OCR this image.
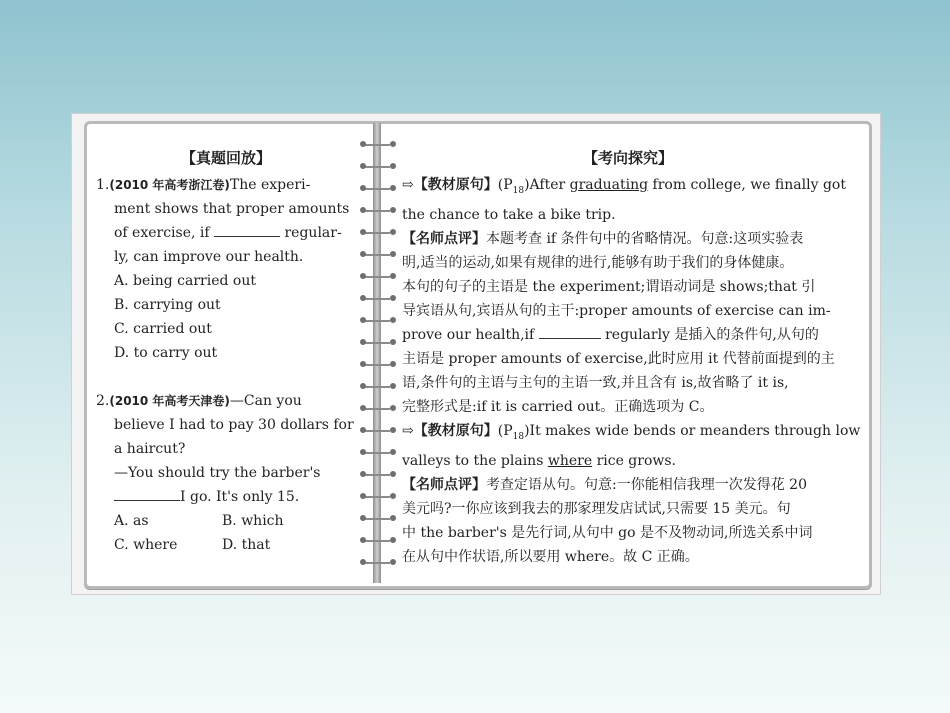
【真题回放】
1.(2010 年高考浙江卷)The experi-
ment shows that proper amounts
of exercise, if	regular-
ly, can improve our health.
A. being carried out
B. carrying out
C. carried out
D. to carry out
2.(2010 年高考天津卷)—Can you
believe I had to pay 30 dollars for
a haircut?
—You should try the barber's
I go. It's only 15.
A. as	B. which
C. where	D. that
【考向探究】
⇨【教材原句】$(P_{18})After$ graduating from college, we finally got
the chance to take a bike trip.
【名师点评】本题考查 if 条件句中的省略情况。句意:这项实验表
明,适当的运动,如果有规律的进行,能够有助于我们的身体健康。
本句的句子的主语是 the experiment;谓语动词是 shows;that 引
导宾语从句,宾语从句的主干:proper amounts of exercise can im-
prove our health,if	regularly 是插入的条件句,从句的
主语是 proper amounts of exercise,此时应用 it 代替前面提到的主
语,条件句的主语与主句的主语一致,并且含有 is,故省略了 it is,
完整形式是:if it is carried out。正确选项为 C。
⇨【教材原句】$(P_{18})It$ makes wide bends or meanders through low
valleys to the plains where rice grows.
【名师点评】考查定语从句。句意:一你能相信我理一次发得花 20
美元吗?一你应该到我去的那家理发店试试,只需要 15 美元。句
中 the barber's 是先行词,从句中 go 是不及物动词,所选关系中词
在从句中作状语,所以要用 where。故 C 正确。
